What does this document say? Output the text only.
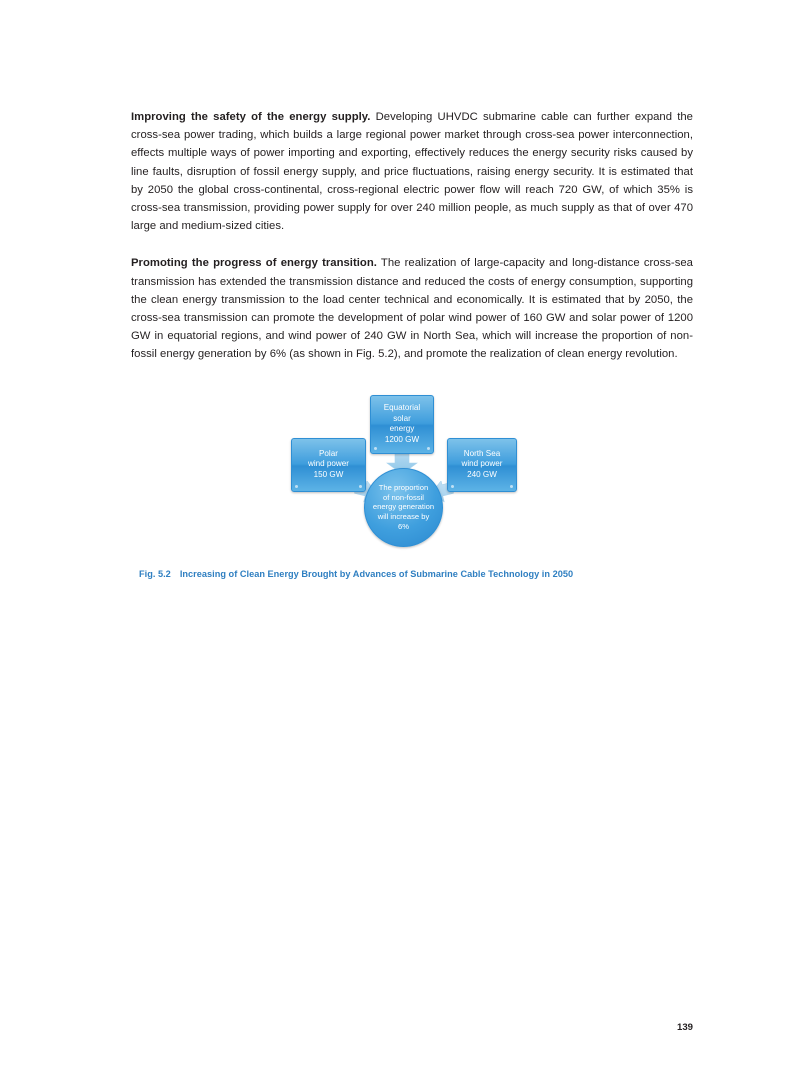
Improving the safety of the energy supply. Developing UHVDC submarine cable can further expand the cross-sea power trading, which builds a large regional power market through cross-sea power interconnection, effects multiple ways of power importing and exporting, effectively reduces the energy security risks caused by line faults, disruption of fossil energy supply, and price fluctuations, raising energy security. It is estimated that by 2050 the global cross-continental, cross-regional electric power flow will reach 720 GW, of which 35% is cross-sea transmission, providing power supply for over 240 million people, as much supply as that of over 470 large and medium-sized cities.

Promoting the progress of energy transition. The realization of large-capacity and long-distance cross-sea transmission has extended the transmission distance and reduced the costs of energy consumption, supporting the clean energy transmission to the load center technical and economically. It is estimated that by 2050, the cross-sea transmission can promote the development of polar wind power of 160 GW and solar power of 1200 GW in equatorial regions, and wind power of 240 GW in North Sea, which will increase the proportion of non-fossil energy generation by 6% (as shown in Fig. 5.2), and promote the realization of clean energy revolution.

Equatorial
solar
energy
1200 GW
Polar
wind power
150 GW
North Sea
wind power
240 GW
The proportion
of non-fossil
energy generation
will increase by
6%
Fig. 5.2 Increasing of Clean Energy Brought by Advances of Submarine Cable Technology in 2050
139
